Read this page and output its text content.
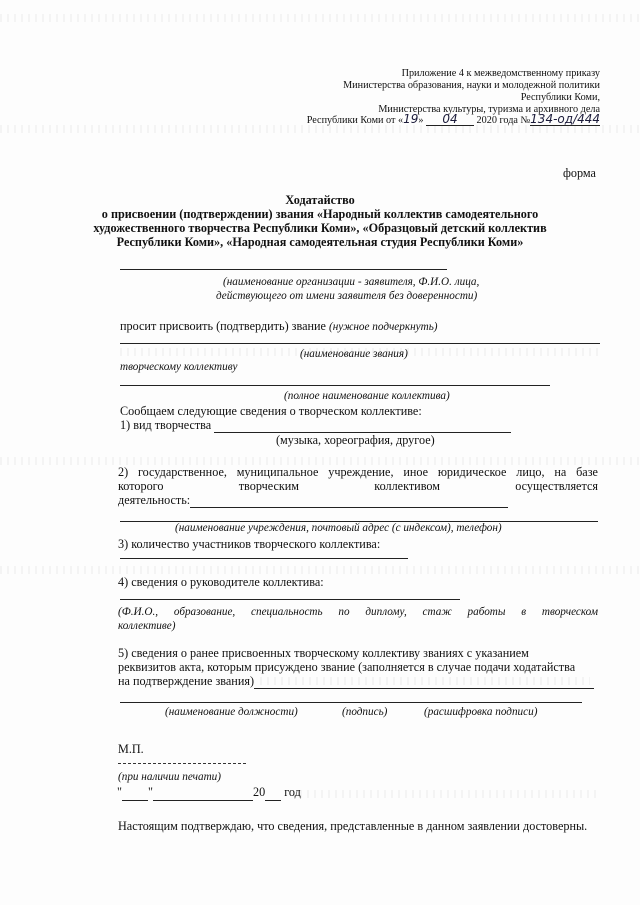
Приложение 4 к межведомственному приказу
Министерства образования, науки и молодежной политики
Республики Коми,
Министерства культуры, туризма и архивного дела
Республики Коми от «19» 04 2020 года №134-од/444
форма
Ходатайство
о присвоении (подтверждении) звания «Народный коллектив самодеятельного
художественного творчества Республики Коми», «Образцовый детский коллектив
Республики Коми», «Народная самодеятельная студия Республики Коми»
(наименование организации - заявителя, Ф.И.О. лица,
действующего от имени заявителя без доверенности)
просит присвоить (подтвердить) звание (нужное подчеркнуть)
(наименование звания)
творческому коллективу
(полное наименование коллектива)
Сообщаем следующие сведения о творческом коллективе:
1) вид творчества
(музыка, хореография, другое)
2) государственное, муниципальное учреждение, иное юридическое лицо, на базе
которого	творческим	коллективом	осуществляется
деятельность:
(наименование учреждения, почтовый адрес (с индексом), телефон)
3) количество участников творческого коллектива:
4) сведения о руководителе коллектива:
(Ф.И.О., образование, специальность по диплому, стаж работы в творческом
коллективе)
5) сведения о ранее присвоенных творческому коллективу званиях с указанием
реквизитов акта, которым присуждено звание (заполняется в случае подачи ходатайства
на подтверждение звания)
(наименование должности)	(подпись)	(расшифровка подписи)
М.П.
(при наличии печати)
" "	20 год
Настоящим подтверждаю, что сведения, представленные в данном заявлении достоверны.
